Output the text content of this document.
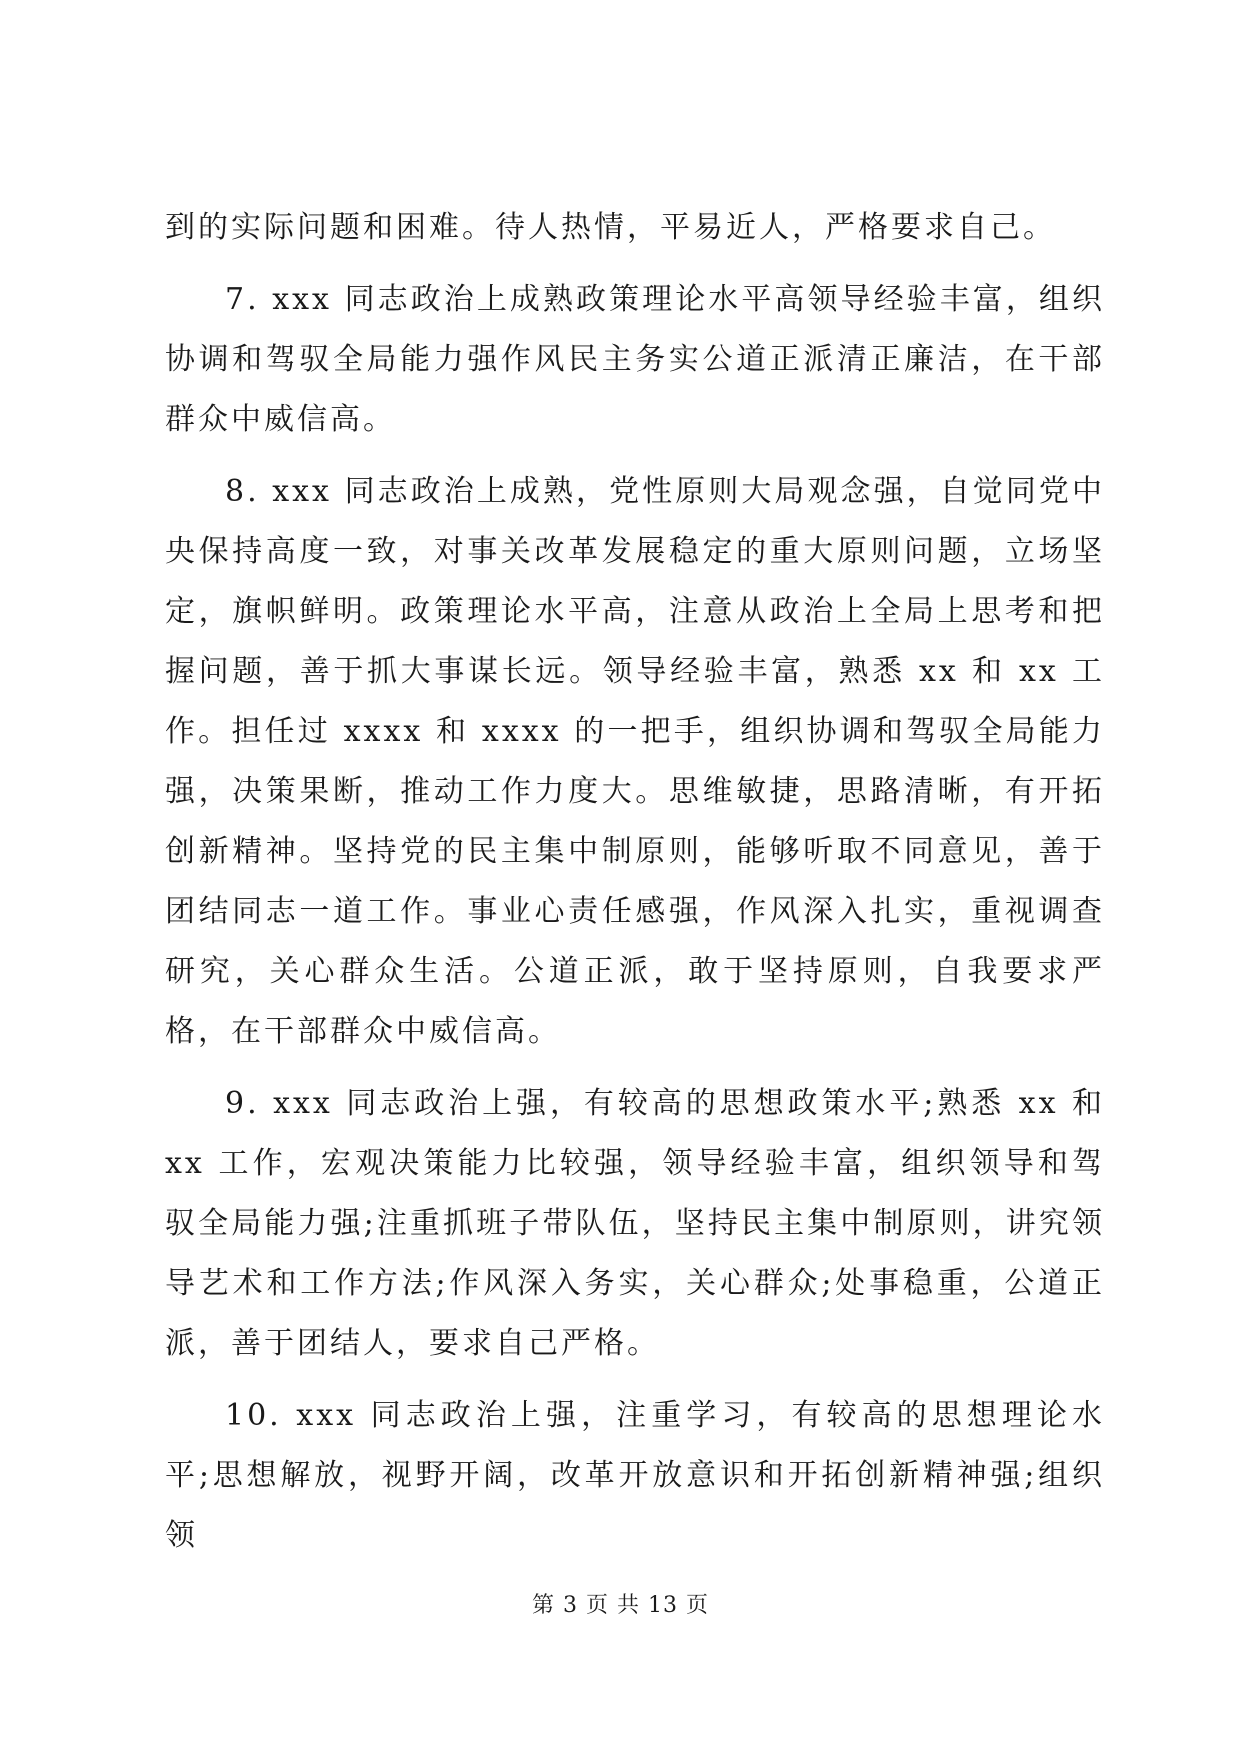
到的实际问题和困难。待人热情，平易近人，严格要求自己。

7. xxx 同志政治上成熟政策理论水平高领导经验丰富，组织协调和驾驭全局能力强作风民主务实公道正派清正廉洁，在干部群众中威信高。

8. xxx 同志政治上成熟，党性原则大局观念强，自觉同党中央保持高度一致，对事关改革发展稳定的重大原则问题，立场坚定，旗帜鲜明。政策理论水平高，注意从政治上全局上思考和把握问题，善于抓大事谋长远。领导经验丰富，熟悉 xx 和 xx 工作。担任过 xxxx 和 xxxx 的一把手，组织协调和驾驭全局能力强，决策果断，推动工作力度大。思维敏捷，思路清晰，有开拓创新精神。坚持党的民主集中制原则，能够听取不同意见，善于团结同志一道工作。事业心责任感强，作风深入扎实，重视调查研究，关心群众生活。公道正派，敢于坚持原则，自我要求严格，在干部群众中威信高。

9. xxx 同志政治上强，有较高的思想政策水平;熟悉 xx 和 xx 工作，宏观决策能力比较强，领导经验丰富，组织领导和驾驭全局能力强;注重抓班子带队伍，坚持民主集中制原则，讲究领导艺术和工作方法;作风深入务实，关心群众;处事稳重，公道正派，善于团结人，要求自己严格。

10. xxx 同志政治上强，注重学习，有较高的思想理论水平;思想解放，视野开阔，改革开放意识和开拓创新精神强;组织领

第 3 页 共 13 页
